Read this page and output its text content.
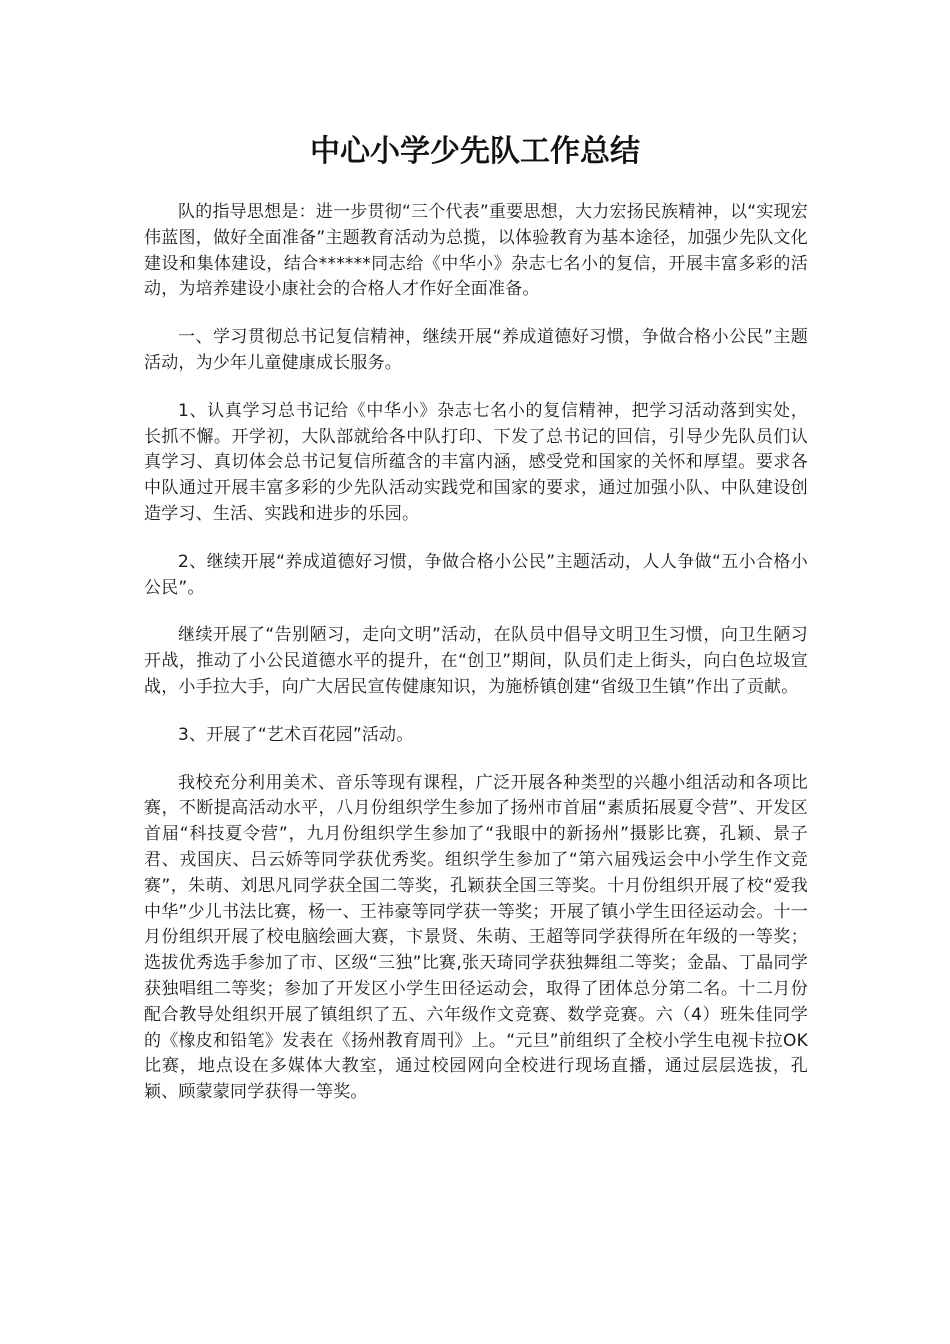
中心小学少先队工作总结

队的指导思想是：进一步贯彻“三个代表”重要思想，大力宏扬民族精神，以“实现宏伟蓝图，做好全面准备”主题教育活动为总揽，以体验教育为基本途径，加强少先队文化建设和集体建设，结合******同志给《中华小》杂志七名小的复信，开展丰富多彩的活动，为培养建设小康社会的合格人才作好全面准备。

一、学习贯彻总书记复信精神，继续开展“养成道德好习惯，争做合格小公民”主题活动，为少年儿童健康成长服务。

1、认真学习总书记给《中华小》杂志七名小的复信精神，把学习活动落到实处，长抓不懈。开学初，大队部就给各中队打印、下发了总书记的回信，引导少先队员们认真学习、真切体会总书记复信所蕴含的丰富内涵，感受党和国家的关怀和厚望。要求各中队通过开展丰富多彩的少先队活动实践党和国家的要求，通过加强小队、中队建设创造学习、生活、实践和进步的乐园。

2、继续开展“养成道德好习惯，争做合格小公民”主题活动，人人争做“五小合格小公民”。

继续开展了“告别陋习，走向文明”活动，在队员中倡导文明卫生习惯，向卫生陋习开战，推动了小公民道德水平的提升，在“创卫”期间，队员们走上街头，向白色垃圾宣战，小手拉大手，向广大居民宣传健康知识，为施桥镇创建“省级卫生镇”作出了贡献。

3、开展了“艺术百花园”活动。

我校充分利用美术、音乐等现有课程，广泛开展各种类型的兴趣小组活动和各项比赛，不断提高活动水平，八月份组织学生参加了扬州市首届“素质拓展夏令营”、开发区首届“科技夏令营”，九月份组织学生参加了“我眼中的新扬州”摄影比赛，孔颖、景子君、戎国庆、吕云娇等同学获优秀奖。组织学生参加了“第六届残运会中小学生作文竞赛”，朱萌、刘思凡同学获全国二等奖，孔颖获全国三等奖。十月份组织开展了校“爱我中华”少儿书法比赛，杨一、王祎豪等同学获一等奖；开展了镇小学生田径运动会。十一月份组织开展了校电脑绘画大赛，卞景贤、朱萌、王超等同学获得所在年级的一等奖；选拔优秀选手参加了市、区级“三独”比赛,张天琦同学获独舞组二等奖；金晶、丁晶同学获独唱组二等奖；参加了开发区小学生田径运动会，取得了团体总分第二名。十二月份配合教导处组织开展了镇组织了五、六年级作文竞赛、数学竞赛。六（4）班朱佳同学的《橡皮和铅笔》发表在《扬州教育周刊》上。“元旦”前组织了全校小学生电视卡拉OK比赛，地点设在多媒体大教室，通过校园网向全校进行现场直播，通过层层选拔，孔颖、顾蒙蒙同学获得一等奖。
